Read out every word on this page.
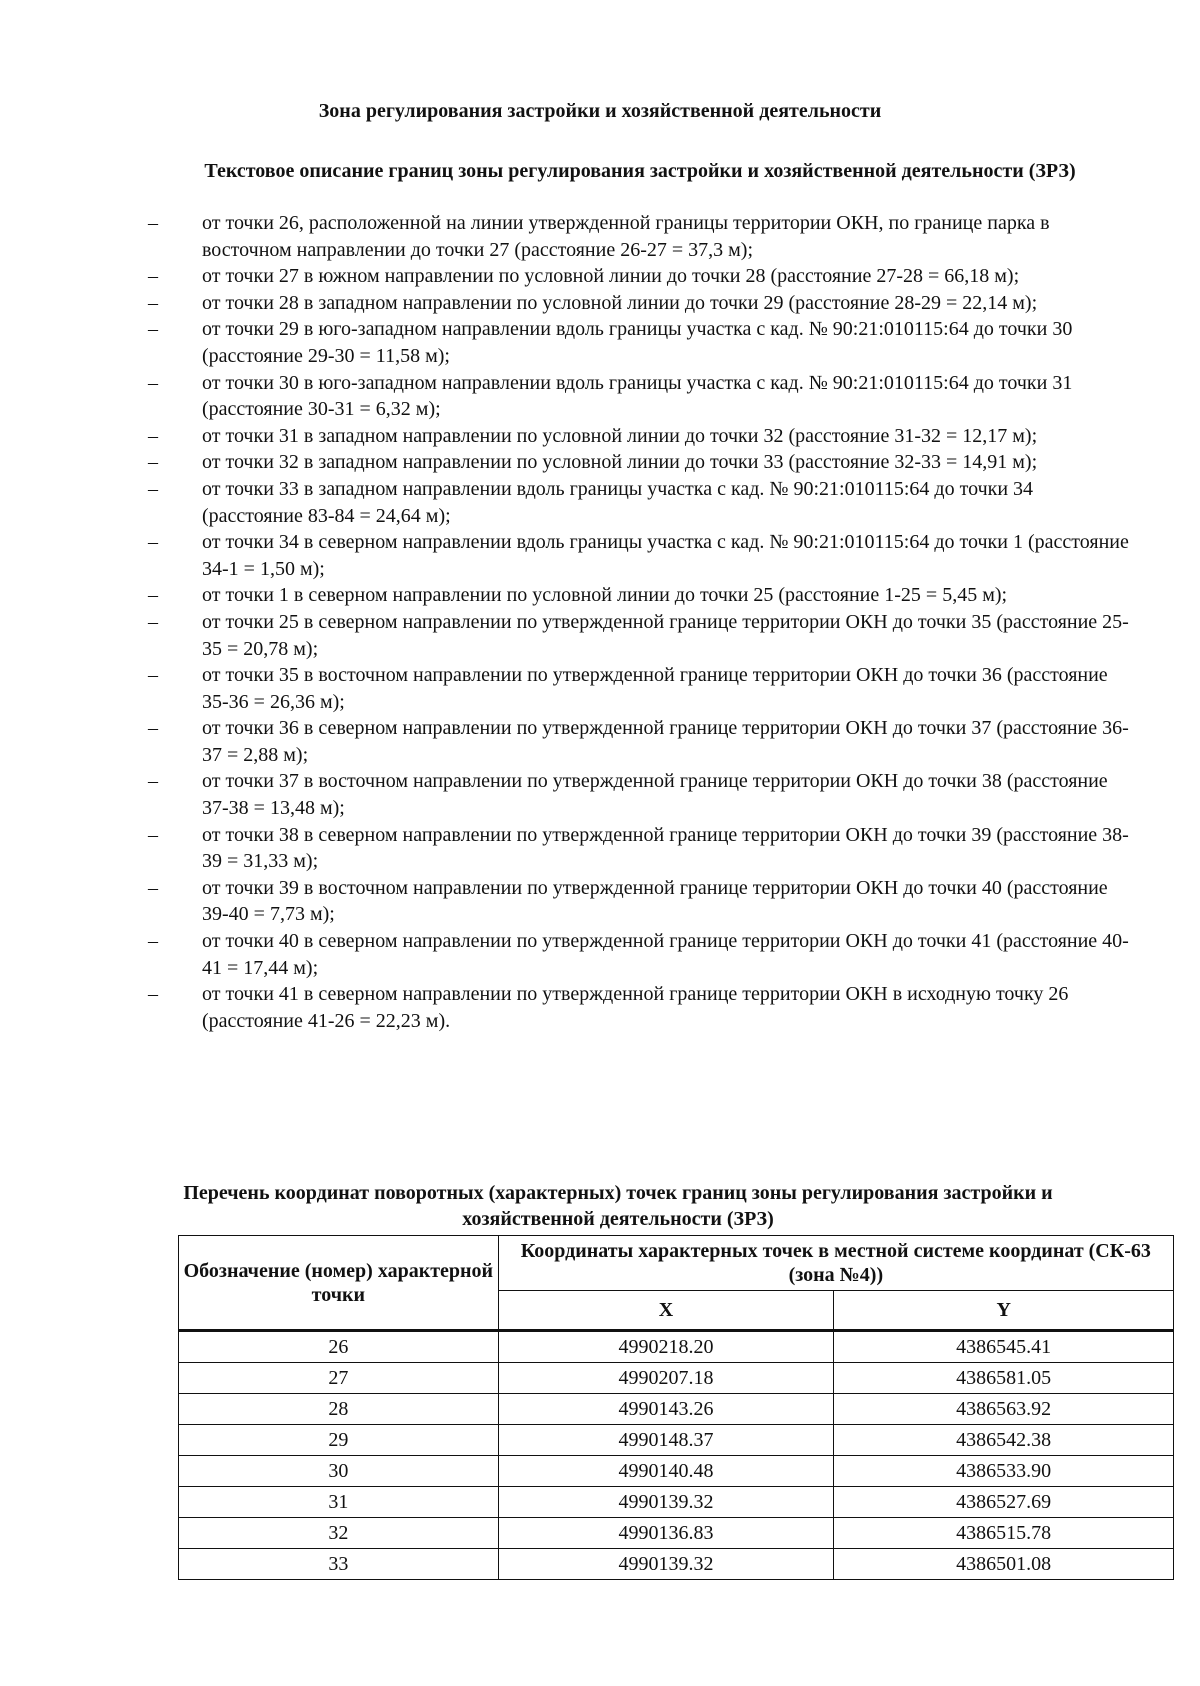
Зона регулирования застройки и хозяйственной деятельности
Текстовое описание границ зоны регулирования застройки и хозяйственной деятельности (ЗРЗ)
–	от точки 26, расположенной на линии утвержденной границы территории ОКН, по границе парка в восточном направлении до точки 27 (расстояние 26-27 = 37,3 м);
–	от точки 27 в южном направлении по условной линии до точки 28 (расстояние 27-28 = 66,18 м);
–	от точки 28 в западном направлении по условной линии до точки 29 (расстояние 28-29 = 22,14 м);
–	от точки 29 в юго-западном направлении вдоль границы участка с кад. № 90:21:010115:64 до точки 30 (расстояние 29-30 = 11,58 м);
–	от точки 30 в юго-западном направлении вдоль границы участка с кад. № 90:21:010115:64 до точки 31 (расстояние 30-31 = 6,32 м);
–	от точки 31 в западном направлении по условной линии до точки 32 (расстояние 31-32 = 12,17 м);
–	от точки 32 в западном направлении по условной линии до точки 33 (расстояние 32-33 = 14,91 м);
–	от точки 33 в западном направлении вдоль границы участка с кад. № 90:21:010115:64 до точки 34 (расстояние 83-84 = 24,64 м);
–	от точки 34 в северном направлении вдоль границы участка с кад. № 90:21:010115:64 до точки 1 (расстояние 34-1 = 1,50 м);
–	от точки 1 в северном направлении по условной линии до точки 25 (расстояние 1-25 = 5,45 м);
–	от точки 25 в северном направлении по утвержденной границе территории ОКН до точки 35 (расстояние 25-35 = 20,78 м);
–	от точки 35 в восточном направлении по утвержденной границе территории ОКН до точки 36 (расстояние 35-36 = 26,36 м);
–	от точки 36 в северном направлении по утвержденной границе территории ОКН до точки 37 (расстояние 36-37 = 2,88 м);
–	от точки 37 в восточном направлении по утвержденной границе территории ОКН до точки 38 (расстояние 37-38 = 13,48 м);
–	от точки 38 в северном направлении по утвержденной границе территории ОКН до точки 39 (расстояние 38-39 = 31,33 м);
–	от точки 39 в восточном направлении по утвержденной границе территории ОКН до точки 40 (расстояние 39-40 = 7,73 м);
–	от точки 40 в северном направлении по утвержденной границе территории ОКН до точки 41 (расстояние 40-41 = 17,44 м);
–	от точки 41 в северном направлении по утвержденной границе территории ОКН в исходную точку 26 (расстояние 41-26 = 22,23 м).
Перечень координат поворотных (характерных) точек границ зоны регулирования застройки и хозяйственной деятельности (ЗРЗ)
Обозначение (номер) характерной точки	Координаты характерных точек в местной системе координат (СК-63 (зона №4))	
	X	Y
26	4990218.20	4386545.41
27	4990207.18	4386581.05
28	4990143.26	4386563.92
29	4990148.37	4386542.38
30	4990140.48	4386533.90
31	4990139.32	4386527.69
32	4990136.83	4386515.78
33	4990139.32	4386501.08
